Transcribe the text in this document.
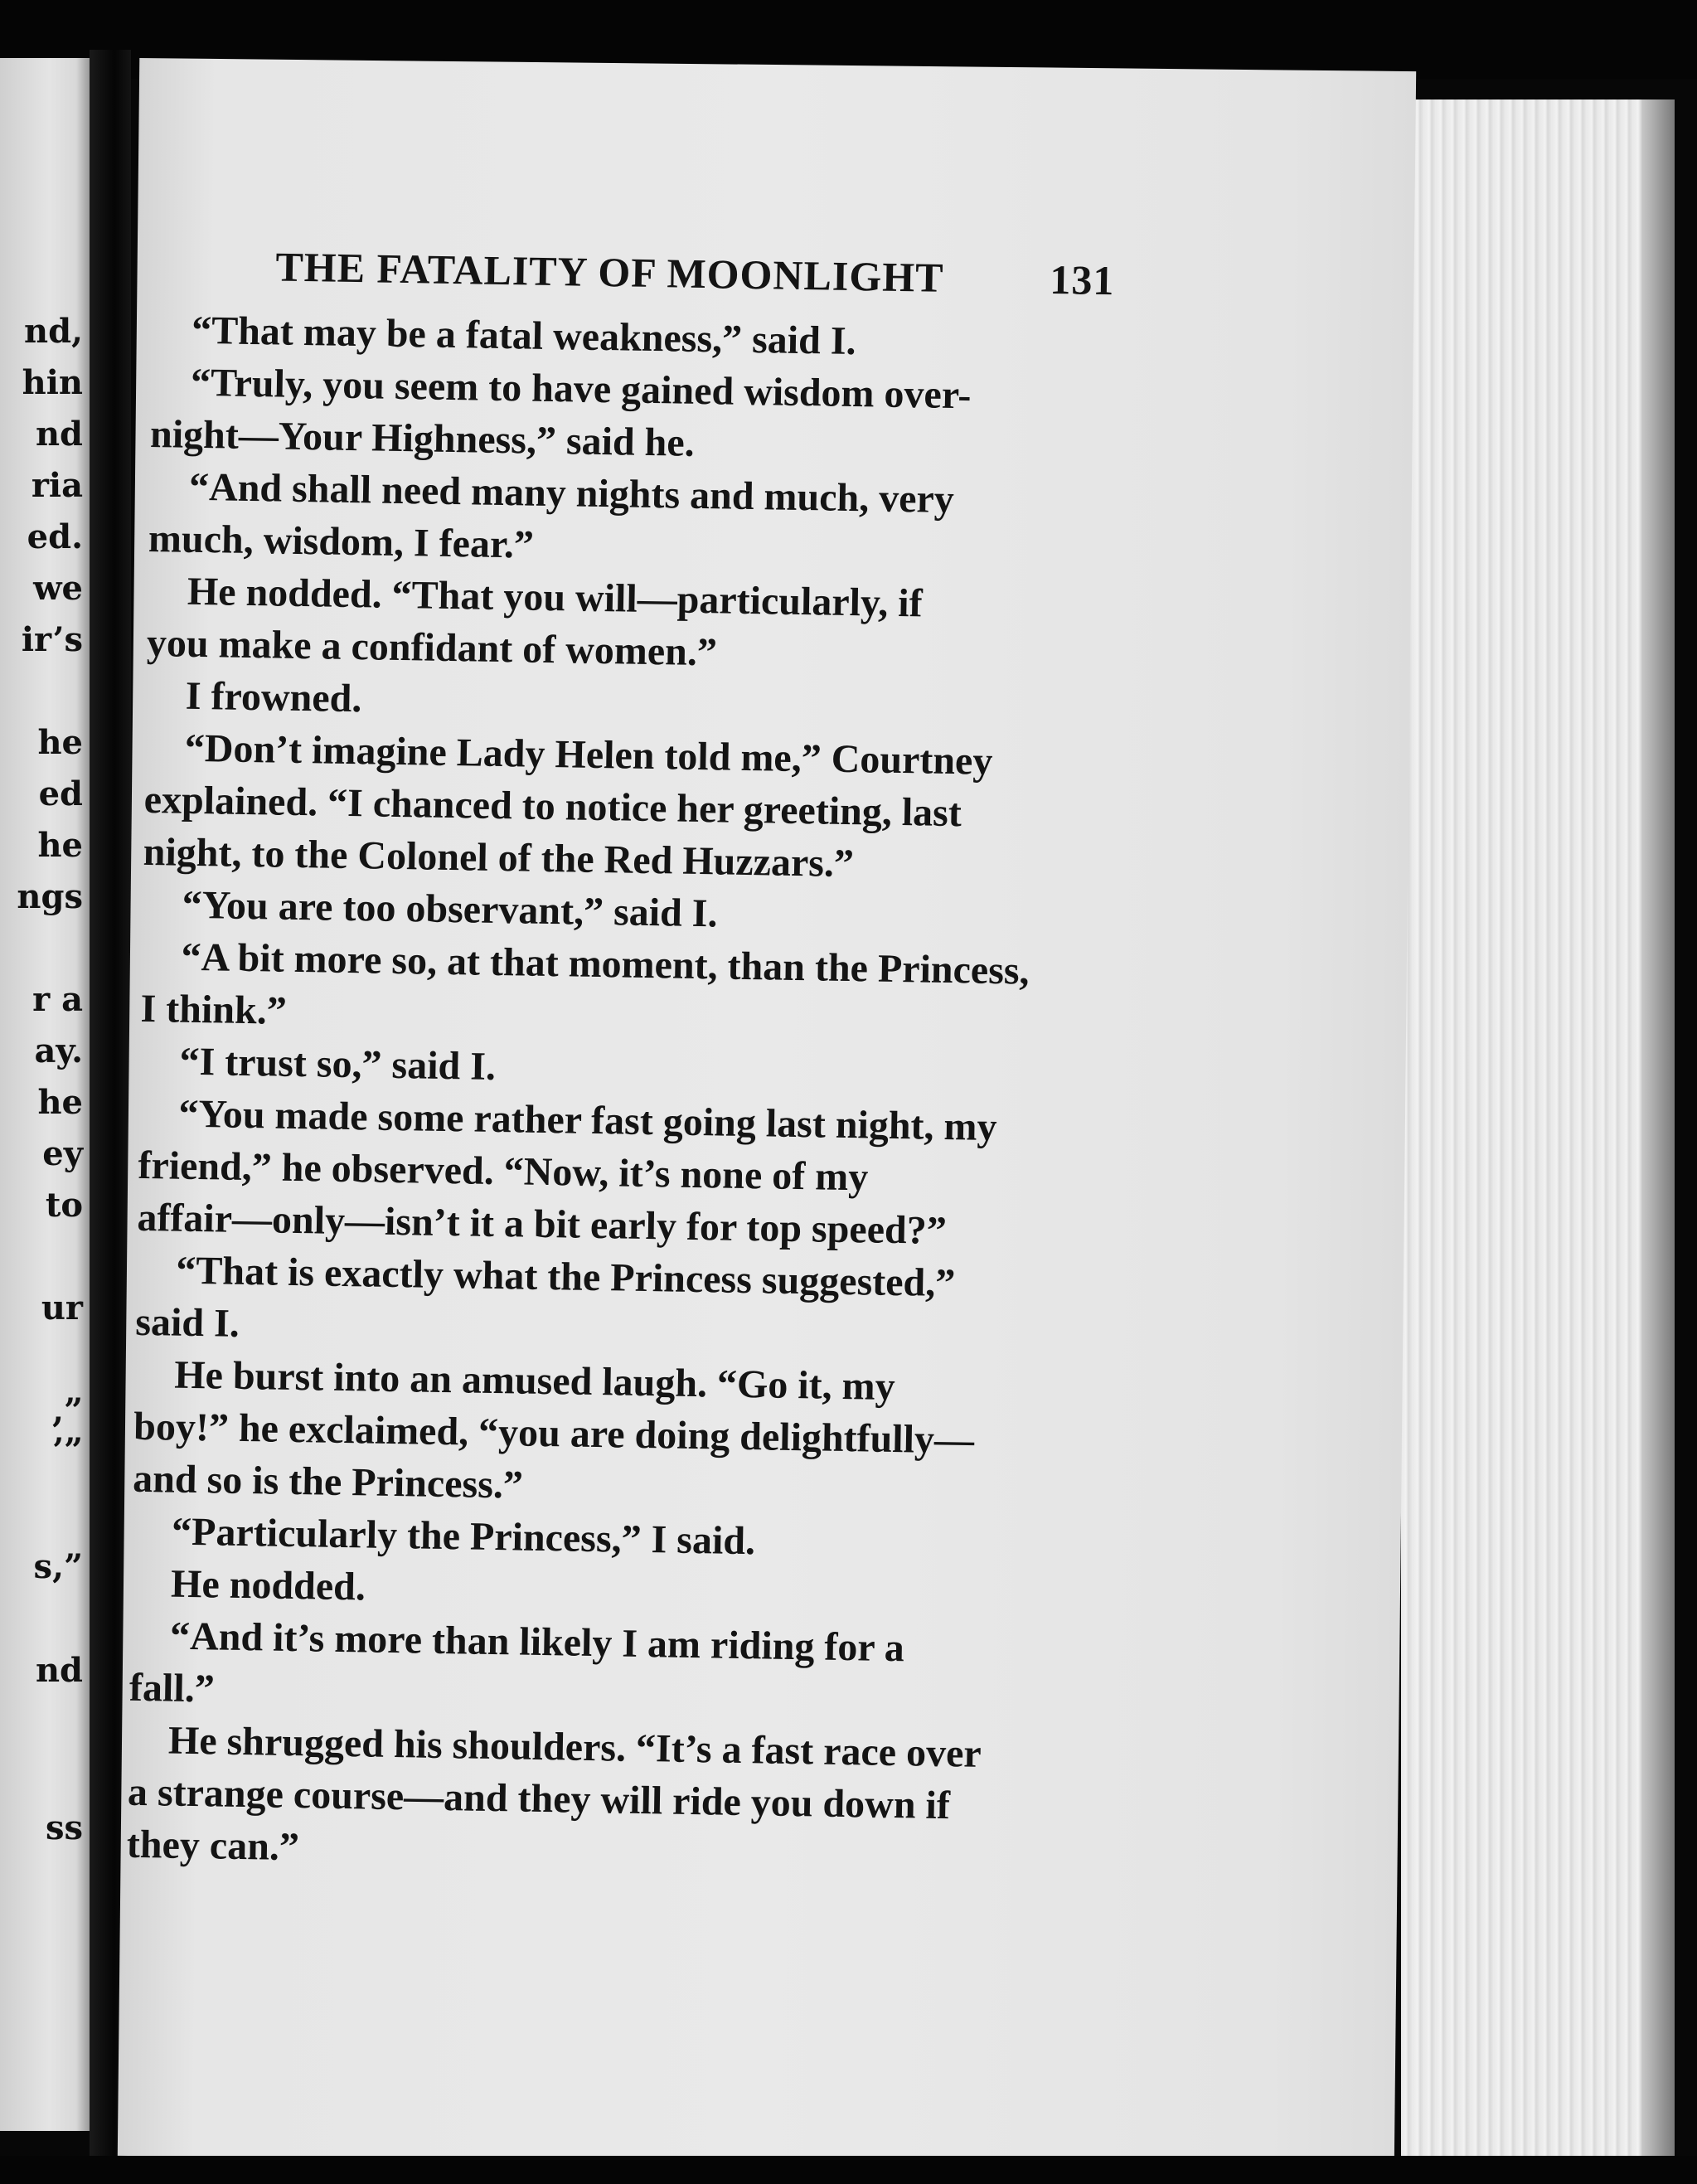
nd,
hin
nd
ria
ed.
we
ir’s
he
ed
he
ngs
r a
ay.
he
ey
to
ur
,”
’”
s,”
nd
ss
THE FATALITY OF MOONLIGHT	131

“That may be a fatal weakness,” said I.

“Truly, you seem to have gained wisdom over-
night—Your Highness,” said he.

“And shall need many nights and much, very
much, wisdom, I fear.”

He nodded. “That you will—particularly, if
you make a confidant of women.”

I frowned.

“Don’t imagine Lady Helen told me,” Courtney
explained. “I chanced to notice her greeting, last
night, to the Colonel of the Red Huzzars.”

“You are too observant,” said I.

“A bit more so, at that moment, than the Princess,
I think.”

“I trust so,” said I.

“You made some rather fast going last night, my
friend,” he observed. “Now, it’s none of my
affair—only—isn’t it a bit early for top speed?”

“That is exactly what the Princess suggested,”
said I.

He burst into an amused laugh. “Go it, my
boy!” he exclaimed, “you are doing delightfully—
and so is the Princess.”

“Particularly the Princess,” I said.

He nodded.

“And it’s more than likely I am riding for a
fall.”

He shrugged his shoulders. “It’s a fast race over
a strange course—and they will ride you down if
they can.”
